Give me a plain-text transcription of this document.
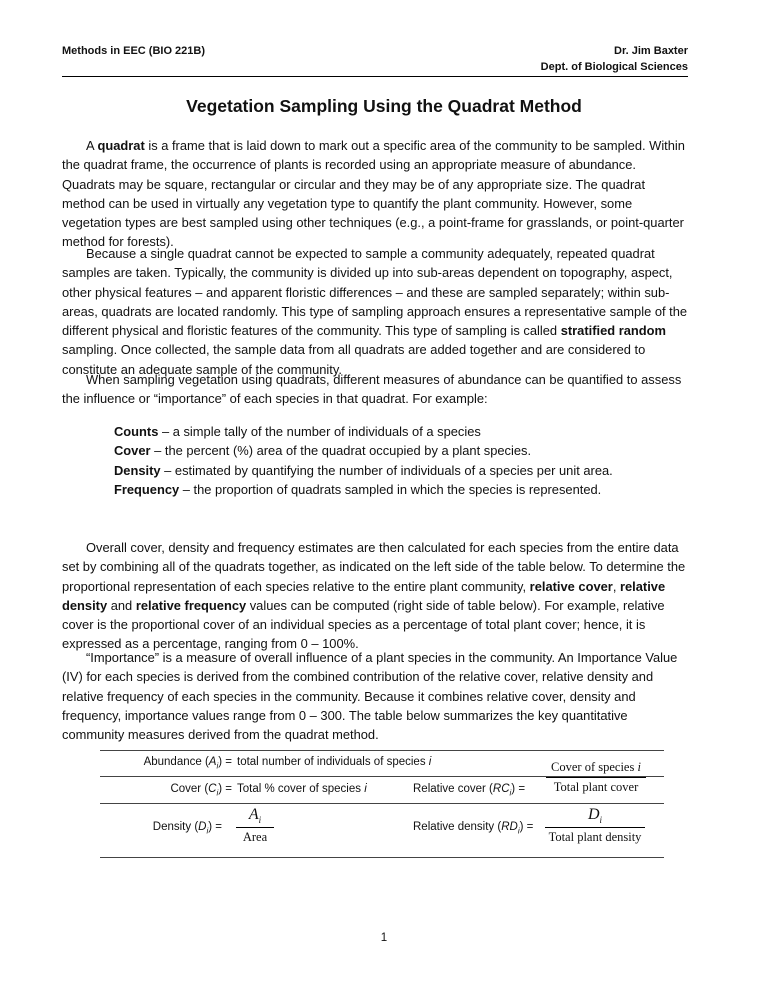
Methods in EEC (BIO 221B)	Dr. Jim Baxter
Dept. of Biological Sciences
Vegetation Sampling Using the Quadrat Method

A quadrat is a frame that is laid down to mark out a specific area of the community to be sampled. Within the quadrat frame, the occurrence of plants is recorded using an appropriate measure of abundance. Quadrats may be square, rectangular or circular and they may be of any appropriate size. The quadrat method can be used in virtually any vegetation type to quantify the plant community. However, some vegetation types are best sampled using other techniques (e.g., a point-frame for grasslands, or point-quarter method for forests).

Because a single quadrat cannot be expected to sample a community adequately, repeated quadrat samples are taken. Typically, the community is divided up into sub-areas dependent on topography, aspect, other physical features – and apparent floristic differences – and these are sampled separately; within sub-areas, quadrats are located randomly. This type of sampling approach ensures a representative sample of the different physical and floristic features of the community. This type of sampling is called stratified random sampling. Once collected, the sample data from all quadrats are added together and are considered to constitute an adequate sample of the community.

When sampling vegetation using quadrats, different measures of abundance can be quantified to assess the influence or “importance” of each species in that quadrat. For example:

Counts – a simple tally of the number of individuals of a species
Cover – the percent (%) area of the quadrat occupied by a plant species.
Density – estimated by quantifying the number of individuals of a species per unit area.
Frequency – the proportion of quadrats sampled in which the species is represented.

Overall cover, density and frequency estimates are then calculated for each species from the entire data set by combining all of the quadrats together, as indicated on the left side of the table below. To determine the proportional representation of each species relative to the entire plant community, relative cover, relative density and relative frequency values can be computed (right side of table below). For example, relative cover is the proportional cover of an individual species as a percentage of total plant cover; hence, it is expressed as a percentage, ranging from 0 – 100%.

“Importance” is a measure of overall influence of a plant species in the community. An Importance Value (IV) for each species is derived from the combined contribution of the relative cover, relative density and relative frequency of each species in the community. Because it combines relative cover, density and frequency, importance values range from 0 – 300. The table below summarizes the key quantitative community measures derived from the quadrat method.

Abundance $(A_i)$ = total number of individuals of species i
Cover $(C_i)$ = Total % cover of species i	Relative cover $(RC_i)$ =
Cover of species i
Total plant cover
Density $(D_i)$ =
$A_i$
Area
Relative density $(RD_i)$ =
$D_i$
Total plant density
1
